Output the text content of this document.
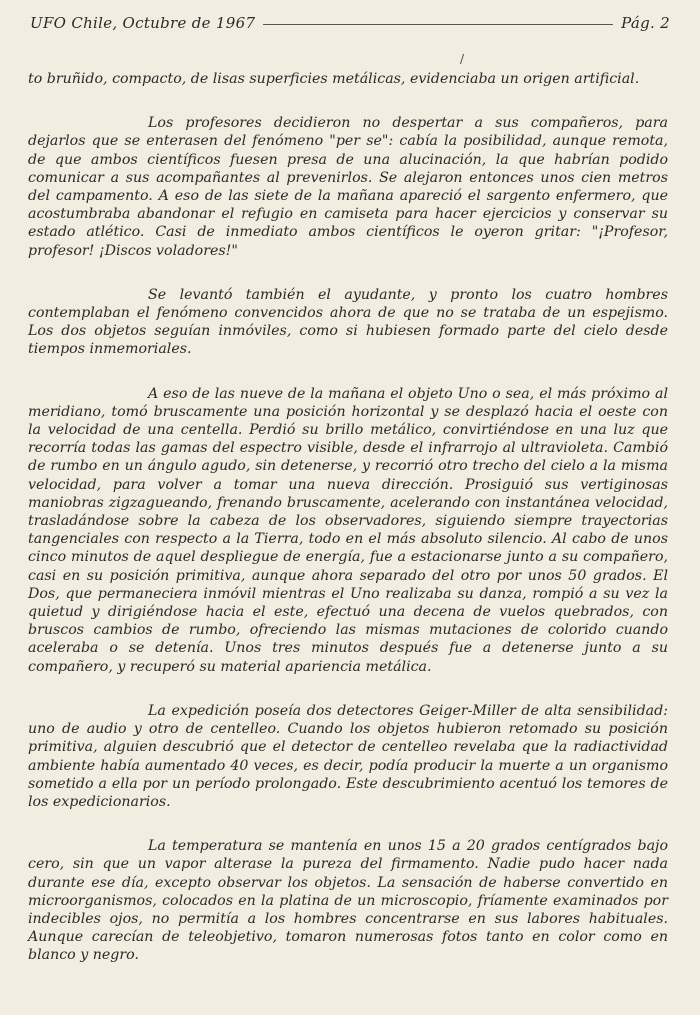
UFO Chile, Octubre de 1967	Pág. 2
/

to bruñido, compacto, de lisas superficies metálicas, evidenciaba un origen artificial.

Los profesores decidieron no despertar a sus compañeros, para dejarlos que se enterasen del fenómeno "per se": cabía la posibilidad, aunque remota, de que ambos científicos fuesen presa de una alucinación, la que habrían podido comunicar a sus acompañantes al prevenirlos. Se alejaron entonces unos cien metros del campamento. A eso de las siete de la mañana apareció el sargento enfermero, que acostumbraba abandonar el refugio en camiseta para hacer ejercicios y conservar su estado atlético. Casi de inmediato ambos científicos le oyeron gritar: "¡Profesor, profesor! ¡Discos voladores!"

Se levantó también el ayudante, y pronto los cuatro hombres contemplaban el fenómeno convencidos ahora de que no se trataba de un espejismo. Los dos objetos seguían inmóviles, como si hubiesen formado parte del cielo desde tiempos inmemoriales.

A eso de las nueve de la mañana el objeto Uno o sea, el más próximo al meridiano, tomó bruscamente una posición horizontal y se desplazó hacia el oeste con la velocidad de una centella. Perdió su brillo metálico, convirtiéndose en una luz que recorría todas las gamas del espectro visible, desde el infrarrojo al ultravioleta. Cambió de rumbo en un ángulo agudo, sin detenerse, y recorrió otro trecho del cielo a la misma velocidad, para volver a tomar una nueva dirección. Prosiguió sus vertiginosas maniobras zigzagueando, frenando bruscamente, acelerando con instantánea velocidad, trasladándose sobre la cabeza de los observadores, siguiendo siempre trayectorias tangenciales con respecto a la Tierra, todo en el más absoluto silencio. Al cabo de unos cinco minutos de aquel despliegue de energía, fue a estacionarse junto a su compañero, casi en su posición primitiva, aunque ahora separado del otro por unos 50 grados. El Dos, que permaneciera inmóvil mientras el Uno realizaba su danza, rompió a su vez la quietud y dirigiéndose hacia el este, efectuó una decena de vuelos quebrados, con bruscos cambios de rumbo, ofreciendo las mismas mutaciones de colorido cuando aceleraba o se detenía. Unos tres minutos después fue a detenerse junto a su compañero, y recuperó su material apariencia metálica.

La expedición poseía dos detectores Geiger-Miller de alta sensibilidad: uno de audio y otro de centelleo. Cuando los objetos hubieron retomado su posición primitiva, alguien descubrió que el detector de centelleo revelaba que la radiactividad ambiente había aumentado 40 veces, es decir, podía producir la muerte a un organismo sometido a ella por un período prolongado. Este descubrimiento acentuó los temores de los expedicionarios.

La temperatura se mantenía en unos 15 a 20 grados centígrados bajo cero, sin que un vapor alterase la pureza del firmamento. Nadie pudo hacer nada durante ese día, excepto observar los objetos. La sensación de haberse convertido en microorganismos, colocados en la platina de un microscopio, fríamente examinados por indecibles ojos, no permitía a los hombres concentrarse en sus labores habituales. Aunque carecían de teleobjetivo, tomaron numerosas fotos tanto en color como en blanco y negro.
